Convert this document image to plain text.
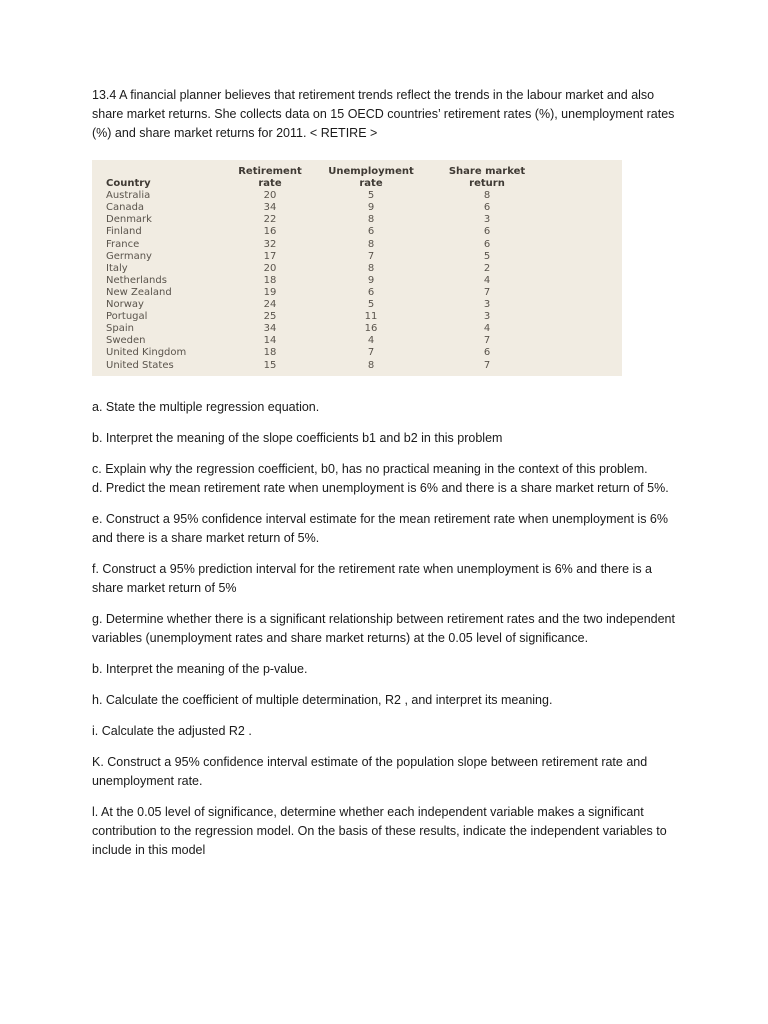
13.4 A financial planner believes that retirement trends reflect the trends in the labour market and also share market returns. She collects data on 15 OECD countries’ retirement rates (%), unemployment rates (%) and share market returns for 2011. < RETIRE >

	Retirement	Unemployment	Share market
Country	rate	rate	return
Australia	20	5	8
Canada	34	9	6
Denmark	22	8	3
Finland	16	6	6
France	32	8	6
Germany	17	7	5
Italy	20	8	2
Netherlands	18	9	4
New Zealand	19	6	7
Norway	24	5	3
Portugal	25	11	3
Spain	34	16	4
Sweden	14	4	7
United Kingdom	18	7	6
United States	15	8	7

a. State the multiple regression equation.

b. Interpret the meaning of the slope coefficients b1 and b2 in this problem

c. Explain why the regression coefficient, b0, has no practical meaning in the context of this problem.

d. Predict the mean retirement rate when unemployment is 6% and there is a share market return of 5%.

e. Construct a 95% confidence interval estimate for the mean retirement rate when unemployment is 6% and there is a share market return of 5%.

f. Construct a 95% prediction interval for the retirement rate when unemployment is 6% and there is a share market return of 5%

g. Determine whether there is a significant relationship between retirement rates and the two independent variables (unemployment rates and share market returns) at the 0.05 level of significance.

b. Interpret the meaning of the p-value.

h. Calculate the coefficient of multiple determination, R2 , and interpret its meaning.

i. Calculate the adjusted R2 .

K. Construct a 95% confidence interval estimate of the population slope between retirement rate and unemployment rate.

l. At the 0.05 level of significance, determine whether each independent variable makes a significant contribution to the regression model. On the basis of these results, indicate the independent variables to include in this model
